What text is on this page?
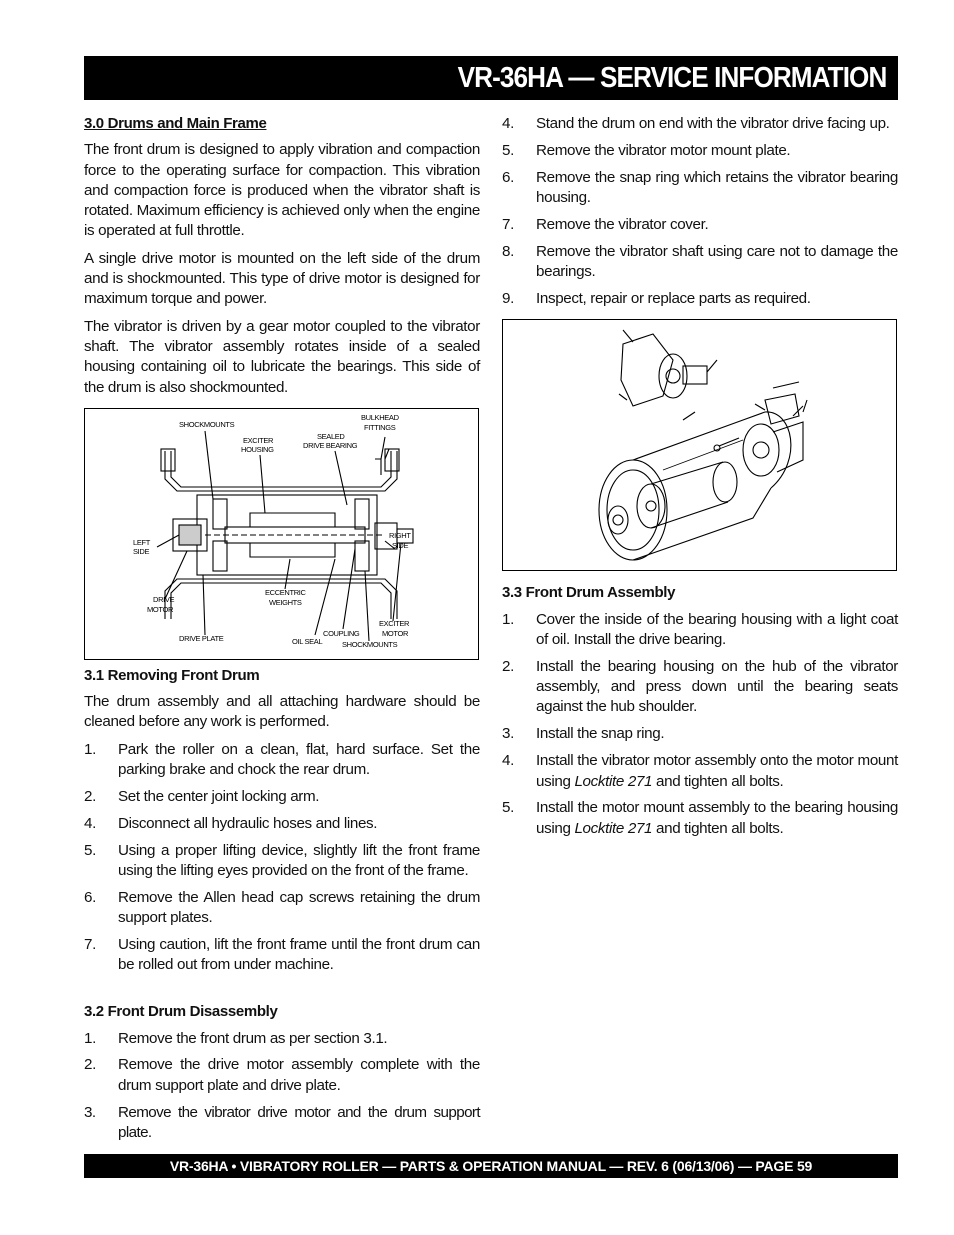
VR-36HA — SERVICE INFORMATION
3.0 Drums and Main Frame

The front drum is designed to apply vibration and compaction force to the operating surface for compaction. This vibration and compaction force is produced when the vibrator shaft is rotated. Maximum efficiency is achieved only when the engine is operated at full throttle.

A single drive motor is mounted on the left side of the drum and is shockmounted. This type of drive motor is designed for maximum torque and power.

The vibrator is driven by a gear motor coupled to the vibrator shaft. The vibrator assembly rotates inside of a sealed housing containing oil to lubricate the bearings. This side of the drum is also shockmounted.

SHOCKMOUNTS
EXCITER
HOUSING
SEALED
DRIVE BEARING
BULKHEAD
FITTINGS
LEFT
SIDE
RIGHT
SIDE
ECCENTRIC
WEIGHTS
DRIVE
MOTOR
EXCITER
MOTOR
DRIVE PLATE
COUPLING
OIL SEAL	SHOCKMOUNTS
3.1 Removing Front Drum

The drum assembly and all attaching hardware should be cleaned before any work is performed.

1. Park the roller on a clean, flat, hard surface. Set the parking brake and chock the rear drum.
2. Set the center joint locking arm.
4. Disconnect all hydraulic hoses and lines.
5. Using a proper lifting device, slightly lift the front frame using the lifting eyes provided on the front of the frame.
6. Remove the Allen head cap screws retaining the drum support plates.
7. Using caution, lift the front frame until the front drum can be rolled out from under machine.
3.2 Front Drum Disassembly
1. Remove the front drum as per section 3.1.
2. Remove the drive motor assembly complete with the drum support plate and drive plate.
3. Remove the vibrator drive motor and the drum support plate.
4. Stand the drum on end with the vibrator drive facing up.
5. Remove the vibrator motor mount plate.
6. Remove the snap ring which retains the vibrator bearing housing.
7. Remove the vibrator cover.
8. Remove the vibrator shaft using care not to damage the bearings.
9. Inspect, repair or replace parts as required.
3.3 Front Drum Assembly
1. Cover the inside of the bearing housing with a light coat of oil. Install the drive bearing.
2. Install the bearing housing on the hub of the vibrator assembly, and press down until the bearing seats against the hub shoulder.
3. Install the snap ring.
4. Install the vibrator motor assembly onto the motor mount using Locktite 271 and tighten all bolts.
5. Install the motor mount assembly to the bearing housing using Locktite 271 and tighten all bolts.
VR-36HA • VIBRATORY ROLLER — PARTS & OPERATION MANUAL — REV. 6 (06/13/06) — PAGE 59
